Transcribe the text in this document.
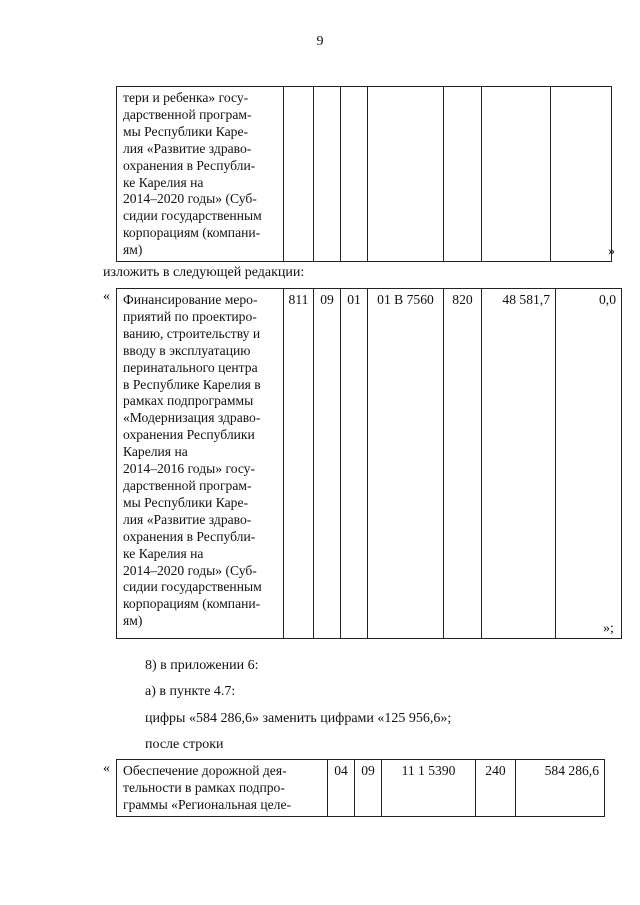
9
тери и ребенка» госу-
дарственной програм-
мы Республики Каре-
лия «Развитие здраво-
охранения в Республи-
ке Карелия на
2014–2020 годы» (Суб-
сидии государственным
корпорациям (компани-
ям)
								»
изложить в следующей редакции:
« Финансирование меро-
приятий по проектиро-
ванию, строительству и
вводу в эксплуатацию
перинатального центра
в Республике Карелия в
рамках подпрограммы
«Модернизация здраво-
охранения Республики
Карелия на
2014–2016 годы» госу-
дарственной програм-
мы Республики Каре-
лия «Развитие здраво-
охранения в Республи-
ке Карелия на
2014–2020 годы» (Суб-
сидии государственным
корпорациям (компани-
ям)
	811	09	01	01 В 7560	820	48 581,7	0,0
»;
8) в приложении 6:
а) в пункте 4.7:
цифры «584 286,6» заменить цифрами «125 956,6»;
после строки
« Обеспечение дорожной дея-
тельности в рамках подпро-
граммы «Региональная целе-
	04	09	11 1 5390	240	584 286,6
